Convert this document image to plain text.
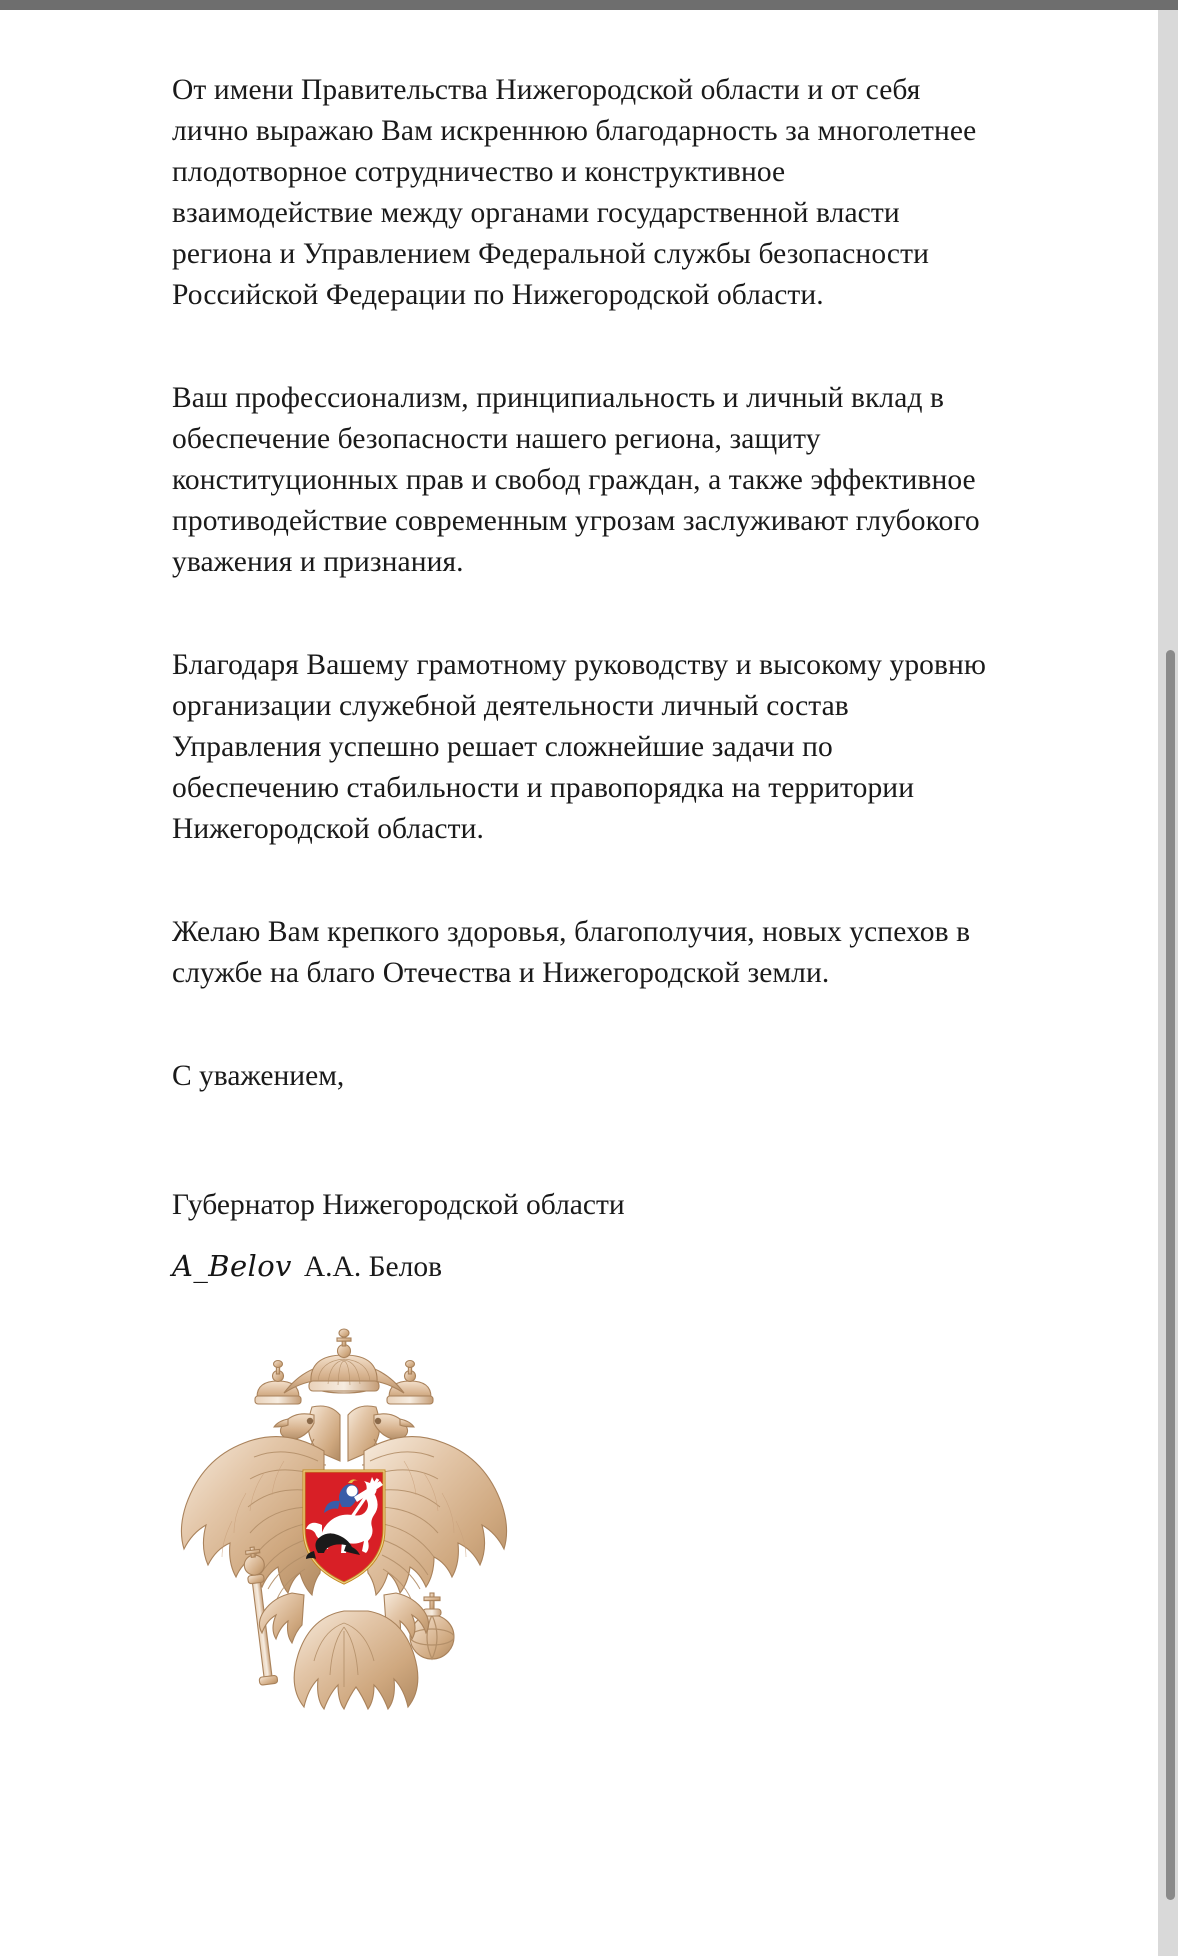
От имени Правительства Нижегородской области и от себя лично выражаю Вам искреннюю благодарность за многолетнее плодотворное сотрудничество и конструктивное взаимодействие между органами государственной власти региона и Управлением Федеральной службы безопасности Российской Федерации по Нижегородской области.

Ваш профессионализм, принципиальность и личный вклад в обеспечение безопасности нашего региона, защиту конституционных прав и свобод граждан, а также эффективное противодействие современным угрозам заслуживают глубокого уважения и признания.

Благодаря Вашему грамотному руководству и высокому уровню организации служебной деятельности личный состав Управления успешно решает сложнейшие задачи по обеспечению стабильности и правопорядка на территории Нижегородской области.

Желаю Вам крепкого здоровья, благополучия, новых успехов в службе на благо Отечества и Нижегородской земли.

С уважением,

Губернатор Нижегородской области

A_Belov А.А. Белов
